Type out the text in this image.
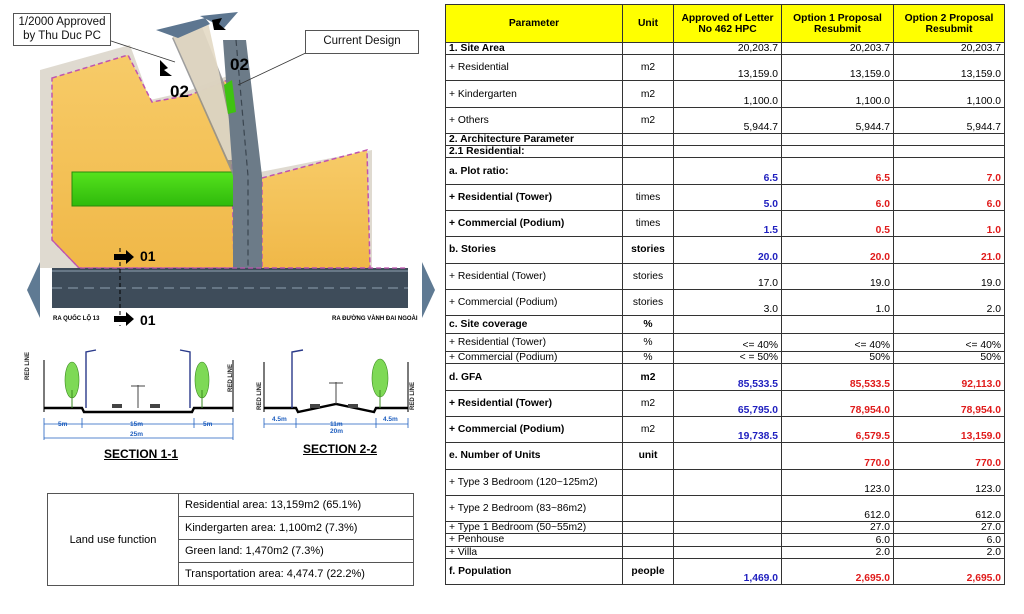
1/2000 Approved by Thu Duc PC	Current Design
02
02
01
01
RA QUỐC LỘ 13	RA ĐƯỜNG VÀNH ĐAI NGOÀI
RED LINE	RED LINE
5m	15m	5m
25m
SECTION 1-1
RED LINE	RED LINE
4.5m
11m
4.5m
20m
SECTION 2-2
Land use function	Residential area: 13,159m2 (65.1%)
Kindergarten area: 1,100m2 (7.3%)
Green land: 1,470m2 (7.3%)
Transportation area: 4,474.7 (22.2%)
Parameter	Unit	Approved of Letter No 462 HPC	Option 1 Proposal Resubmit	Option 2 Proposal Resubmit
1. Site Area		20,203.7	20,203.7	20,203.7
+ Residential	m2	13,159.0	13,159.0	13,159.0
+ Kindergarten	m2	1,100.0	1,100.0	1,100.0
+ Others	m2	5,944.7	5,944.7	5,944.7
2. Architecture Parameter				
2.1 Residential:				
a. Plot ratio:		6.5	6.5	7.0
+ Residential (Tower)	times	5.0	6.0	6.0
+ Commercial (Podium)	times	1.5	0.5	1.0
b. Stories	stories	20.0	20.0	21.0
+ Residential (Tower)	stories	17.0	19.0	19.0
+ Commercial (Podium)	stories	3.0	1.0	2.0
c. Site coverage	%			
+ Residential (Tower)	%	<= 40%	<= 40%	<= 40%
+ Commercial (Podium)	%	< = 50%	50%	50%
d. GFA	m2	85,533.5	85,533.5	92,113.0
+ Residential (Tower)	m2	65,795.0	78,954.0	78,954.0
+ Commercial (Podium)	m2	19,738.5	6,579.5	13,159.0
e. Number of Units	unit		770.0	770.0
+ Type 3 Bedroom (120~125m2)			123.0	123.0
+ Type 2 Bedroom (83~86m2)			612.0	612.0
+ Type 1 Bedroom (50~55m2)			27.0	27.0
+ Penhouse			6.0	6.0
+ Villa			2.0	2.0
f. Population	people	1,469.0	2,695.0	2,695.0
